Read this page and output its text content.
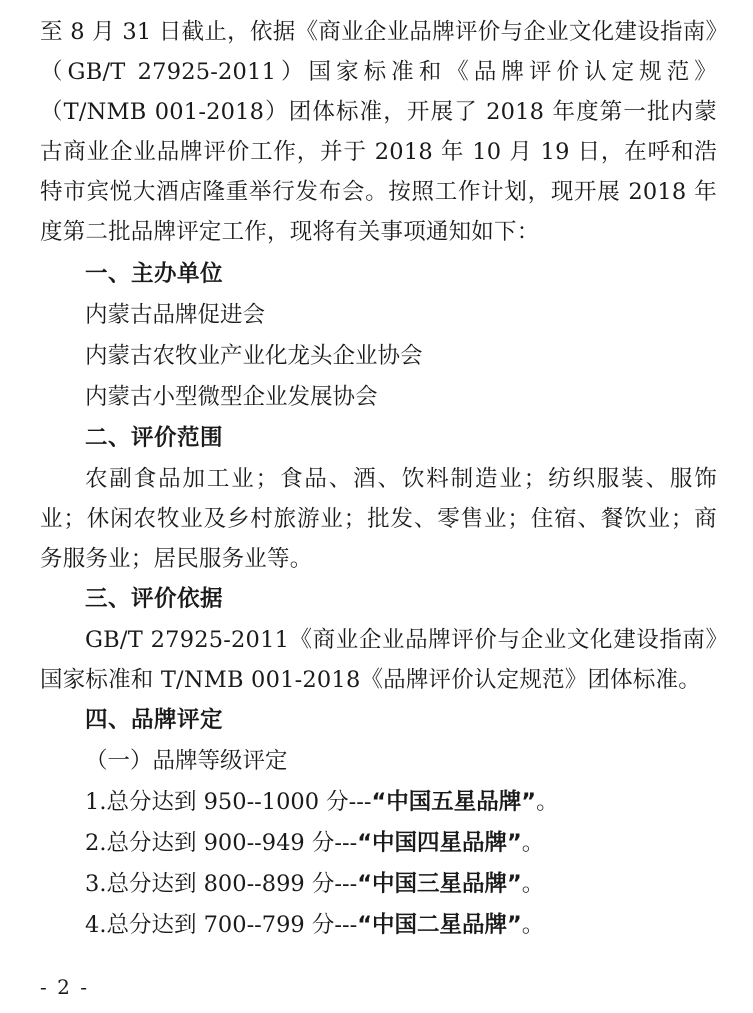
至 8 月 31 日截止，依据《商业企业品牌评价与企业文化建设指南》（GB/T 27925-2011）国家标准和《品牌评价认定规范》（T/NMB 001-2018）团体标准，开展了 2018 年度第一批内蒙古商业企业品牌评价工作，并于 2018 年 10 月 19 日，在呼和浩特市宾悦大酒店隆重举行发布会。按照工作计划，现开展 2018 年度第二批品牌评定工作，现将有关事项通知如下：

一、主办单位

内蒙古品牌促进会

内蒙古农牧业产业化龙头企业协会

内蒙古小型微型企业发展协会

二、评价范围

农副食品加工业；食品、酒、饮料制造业；纺织服装、服饰业；休闲农牧业及乡村旅游业；批发、零售业；住宿、餐饮业；商务服务业；居民服务业等。

三、评价依据

GB/T 27925-2011《商业企业品牌评价与企业文化建设指南》国家标准和 T/NMB 001-2018《品牌评价认定规范》团体标准。

四、品牌评定

（一）品牌等级评定

1.总分达到 950--1000 分---“中国五星品牌”。

2.总分达到 900--949 分---“中国四星品牌”。

3.总分达到 800--899 分---“中国三星品牌”。

4.总分达到 700--799 分---“中国二星品牌”。

- 2 -
